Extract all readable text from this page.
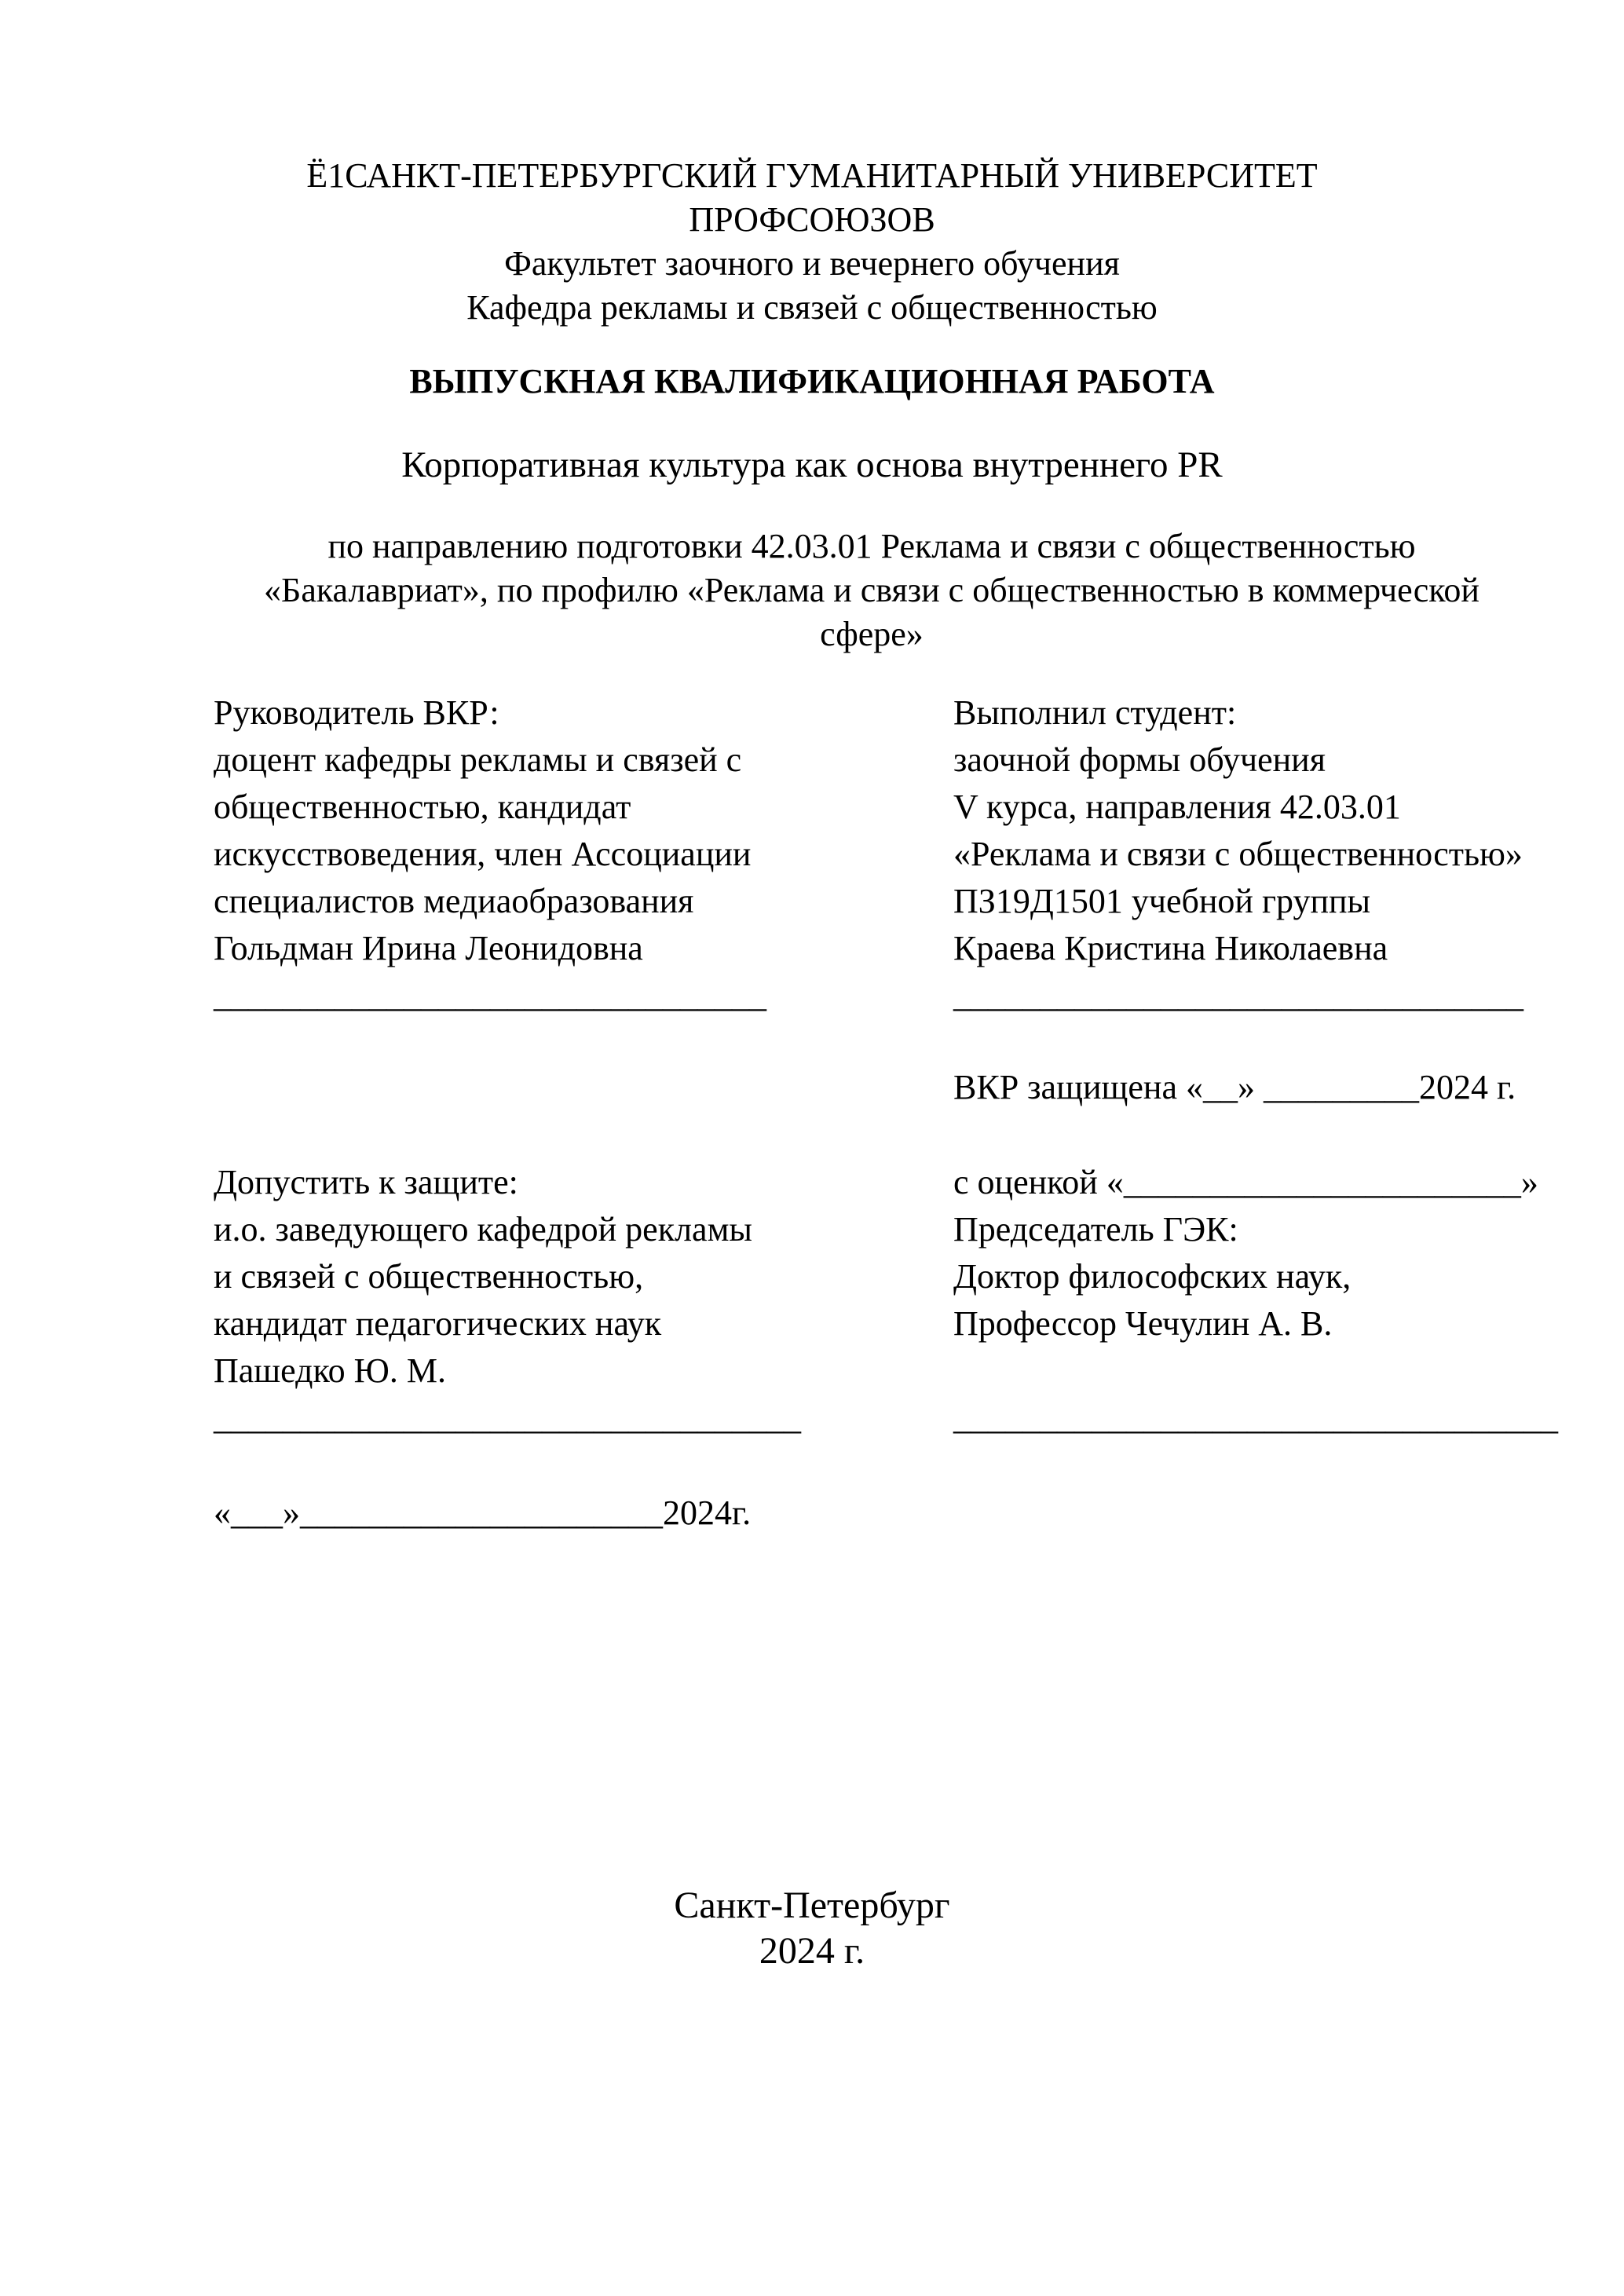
Ё1САНКТ-ПЕТЕРБУРГСКИЙ ГУМАНИТАРНЫЙ УНИВЕРСИТЕТ ПРОФСОЮЗОВ
Факультет заочного и вечернего обучения
Кафедра рекламы и связей с общественностью
ВЫПУСКНАЯ КВАЛИФИКАЦИОННАЯ РАБОТА
Корпоративная культура как основа внутреннего PR
по направлению подготовки 42.03.01 Реклама и связи с общественностью «Бакалавриат», по профилю «Реклама и связи с общественностью в коммерческой сфере»
Руководитель ВКР:
доцент кафедры рекламы и связей с
общественностью, кандидат
искусствоведения, член Ассоциации
специалистов медиаобразования
Гольдман Ирина Леонидовна
________________________________
Выполнил студент:
заочной формы обучения
V курса, направления 42.03.01
«Реклама и связи с общественностью»
ПЗ19Д1501 учебной группы
Краева Кристина Николаевна
_________________________________
ВКР защищена «__» _________2024 г.
Допустить к защите:
и.о. заведующего кафедрой рекламы
и связей с общественностью,
кандидат педагогических наук
Пашедко Ю. М.
__________________________________
с оценкой «_______________________»
Председатель ГЭК:
Доктор философских наук,
Профессор Чечулин А. В.

___________________________________
«___»_____________________2024г.
Санкт-Петербург
2024 г.
